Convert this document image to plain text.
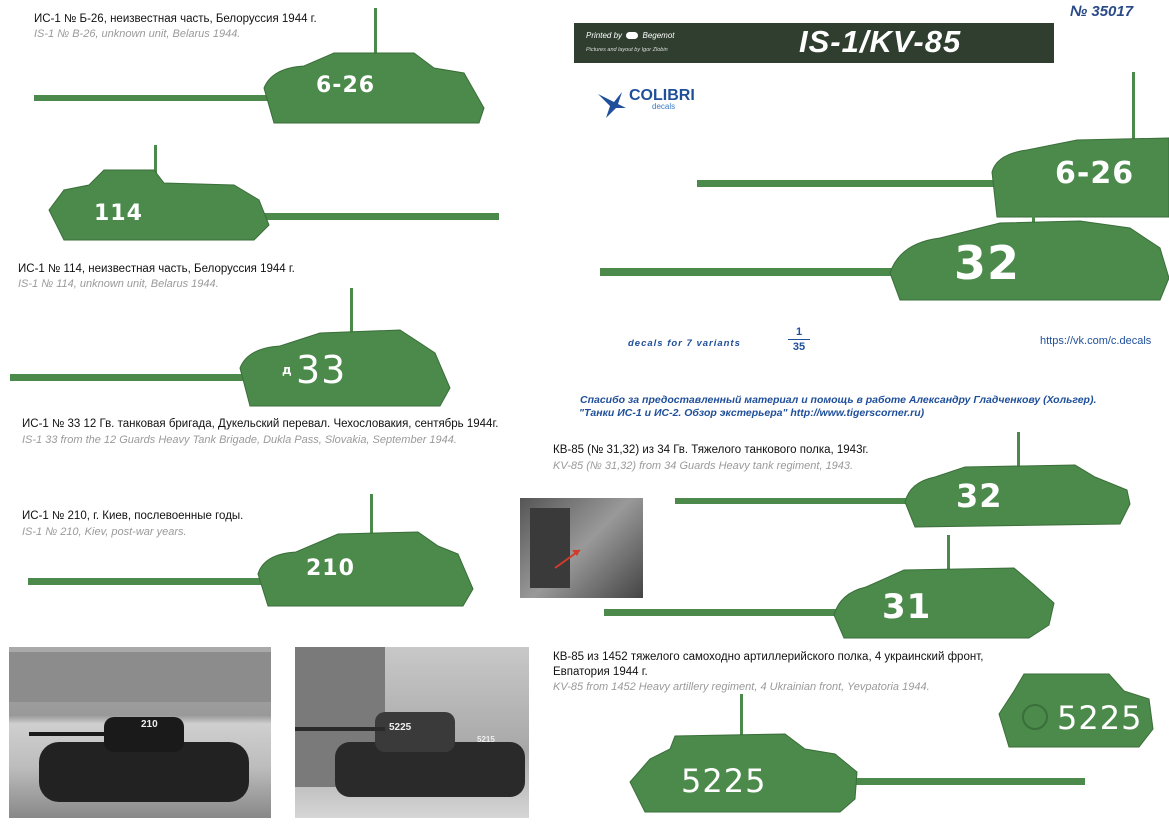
№ 35017
Printed by	Begemot
Pictures and layout by Igor Zlobin	IS-1/KV-85
COLIBRI
decals
decals for 7 variants
1
35	https://vk.com/c.decals
Спасибо за предоставленный материал и помощь в работе Александру Гладченкову (Хольгер).
"Танки ИС-1 и ИС-2. Обзор экстерьера" http://www.tigerscorner.ru)
ИС-1 № Б-26, неизвестная часть, Белоруссия 1944 г.
IS-1 № B-26, unknown unit, Belarus 1944.
ИС-1 № 114, неизвестная часть, Белоруссия 1944 г.
IS-1 № 114, unknown unit, Belarus 1944.
ИС-1 № 33 12 Гв. танковая бригада, Дукельский перевал. Чехословакия, сентябрь 1944г.
IS-1 33 from the 12 Guards Heavy Tank Brigade, Dukla Pass, Slovakia, September 1944.
ИС-1 № 210, г. Киев, послевоенные годы.
IS-1 № 210, Kiev, post-war years.
КВ-85 (№ 31,32) из 34 Гв. Тяжелого танкового полка, 1943г.
KV-85 (№ 31,32) from 34 Guards Heavy tank regiment, 1943.
КВ-85 из 1452 тяжелого самоходно артиллерийского полка, 4 украинский фронт,
Евпатория 1944 г.
KV-85 from 1452 Heavy artillery regiment, 4 Ukrainian front, Yevpatoria 1944.
6-26
114
д 33
210
6-26
32
32
31
5225
5225
210	5225
5215
